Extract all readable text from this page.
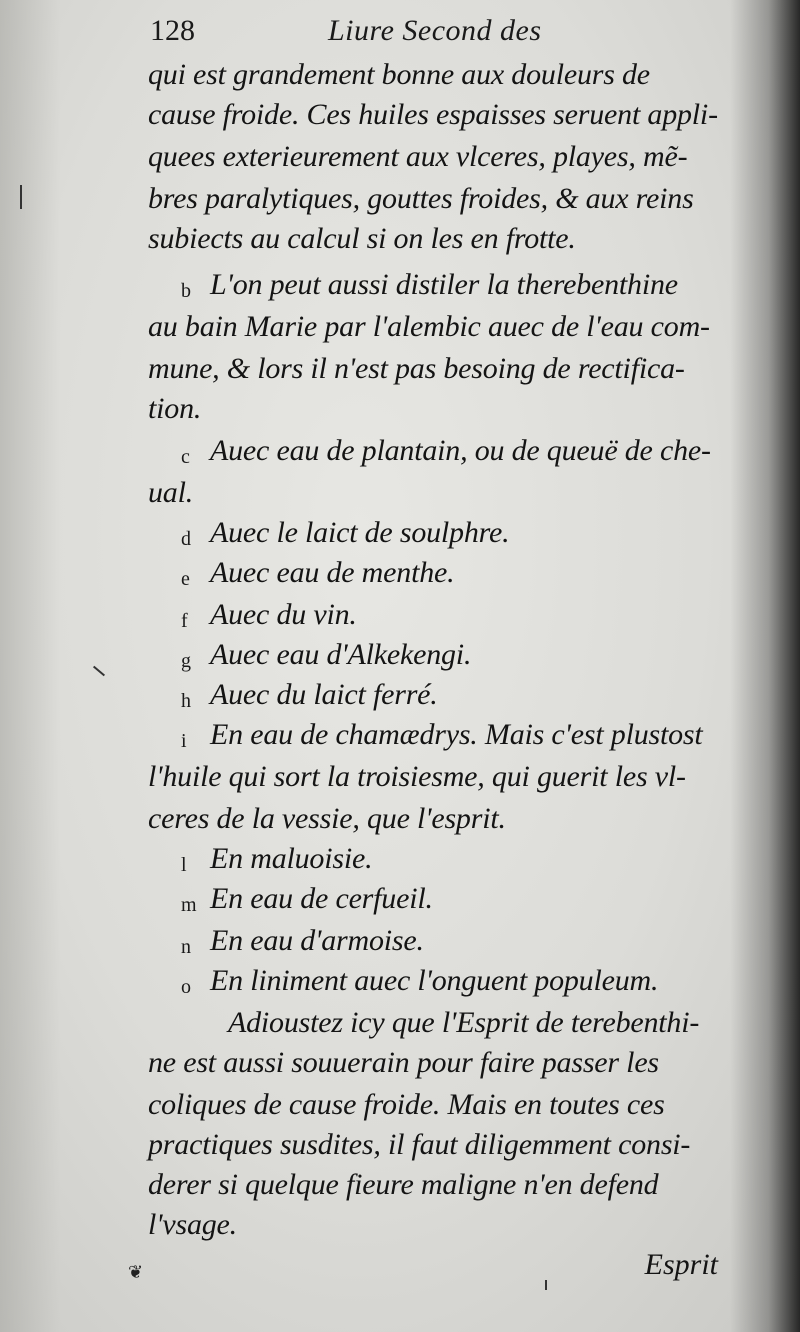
128	Liure Second des
qui est grandement bonne aux douleurs de
cause froide. Ces huiles espaisses seruent appli-
quees exterieurement aux vlceres, playes, mẽ-
bres paralytiques, gouttes froides, & aux reins
subiects au calcul si on les en frotte.
L'on peut aussi distiler la therebenthine
b
au bain Marie par l'alembic auec de l'eau com-
mune, & lors il n'est pas besoing de rectifica-
tion.
Auec eau de plantain, ou de queuë de che-
c
ual.
Auec le laict de soulphre.
d
Auec eau de menthe.
e
Auec du vin.
f
Auec eau d'Alkekengi.
g
Auec du laict ferré.
h
En eau de chamædrys. Mais c'est plustost
i
l'huile qui sort la troisiesme, qui guerit les vl-
ceres de la vessie, que l'esprit.
En maluoisie.
l
En eau de cerfueil.
m
En eau d'armoise.
n
En liniment auec l'onguent populeum.
o
Adioustez icy que l'Esprit de terebenthi-
ne est aussi souuerain pour faire passer les
coliques de cause froide. Mais en toutes ces
practiques susdites, il faut diligemment consi-
derer si quelque fieure maligne n'en defend
l'vsage.
Esprit
❦
